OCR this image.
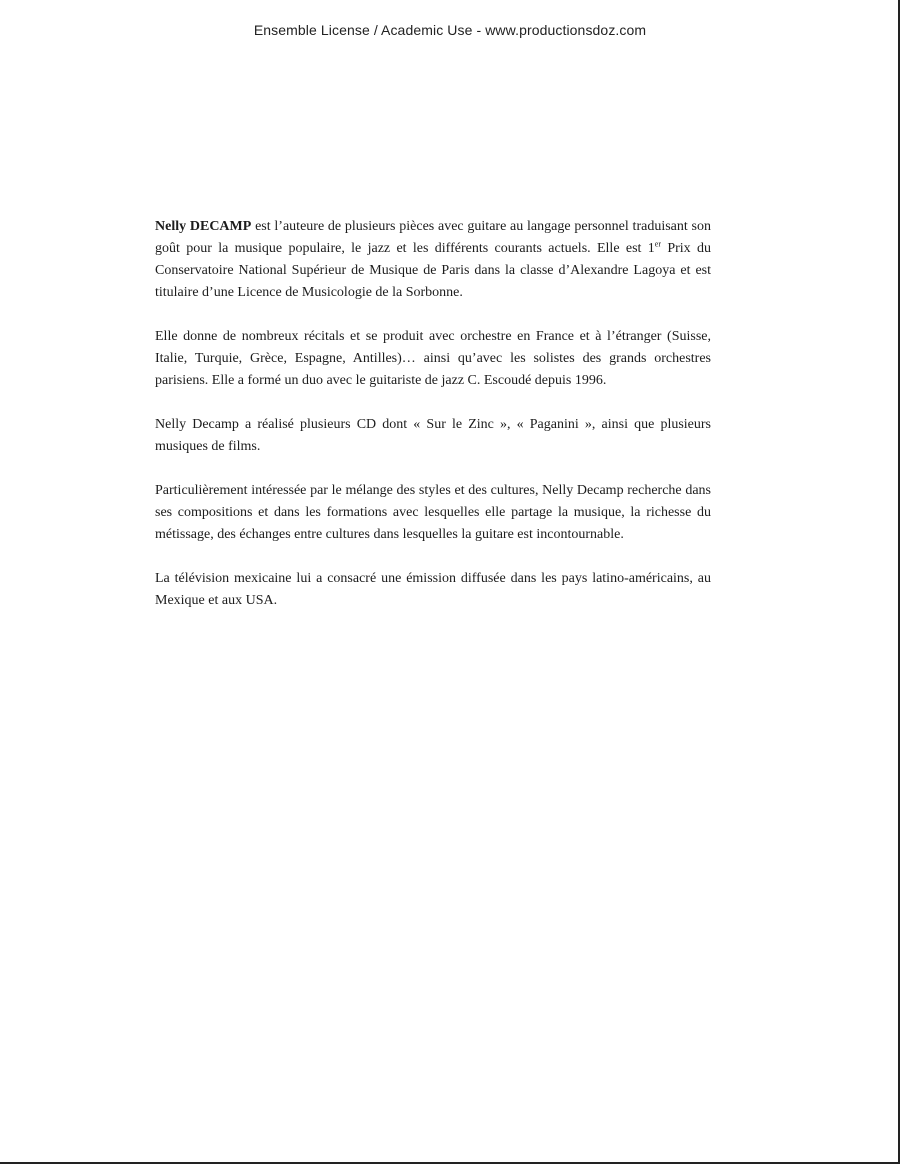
Ensemble License / Academic Use - www.productionsdoz.com

Nelly DECAMP est l’auteure de plusieurs pièces avec guitare au langage personnel traduisant son goût pour la musique populaire, le jazz et les différents courants actuels. Elle est 1er Prix du Conservatoire National Supérieur de Musique de Paris dans la classe d’Alexandre Lagoya et est titulaire d’une Licence de Musicologie de la Sorbonne.

Elle donne de nombreux récitals et se produit avec orchestre en France et à l’étranger (Suisse, Italie, Turquie, Grèce, Espagne, Antilles)… ainsi qu’avec les solistes des grands orchestres parisiens. Elle a formé un duo avec le guitariste de jazz C. Escoudé depuis 1996.

Nelly Decamp a réalisé plusieurs CD dont « Sur le Zinc », « Paganini », ainsi que plusieurs musiques de films.

Particulièrement intéressée par le mélange des styles et des cultures, Nelly Decamp recherche dans ses compositions et dans les formations avec lesquelles elle partage la musique, la richesse du métissage, des échanges entre cultures dans lesquelles la guitare est incontournable.

La télévision mexicaine lui a consacré une émission diffusée dans les pays latino-américains, au Mexique et aux USA.
